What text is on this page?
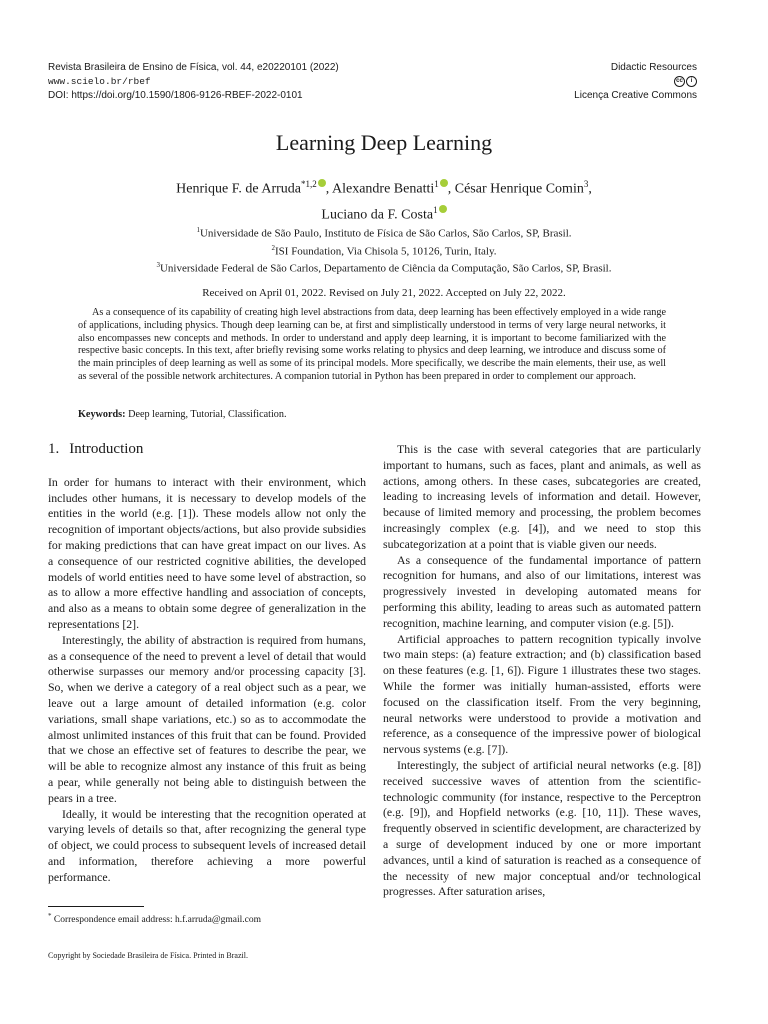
Revista Brasileira de Ensino de Física, vol. 44, e20220101 (2022)
www.scielo.br/rbef
DOI: https://doi.org/10.1590/1806-9126-RBEF-2022-0101
Didactic Resources
cc i
Licença Creative Commons
Learning Deep Learning
Henrique F. de Arruda$^{*1,2}$ , Alexandre Benatti$^1$ , César Henrique Comin$^3$,
Luciano da F. Costa$^1$
$^1$Universidade de São Paulo, Instituto de Física de São Carlos, São Carlos, SP, Brasil.
$^2$ISI Foundation, Via Chisola 5, 10126, Turin, Italy.
$^3$Universidade Federal de São Carlos, Departamento de Ciência da Computação, São Carlos, SP, Brasil.
Received on April 01, 2022. Revised on July 21, 2022. Accepted on July 22, 2022.

As a consequence of its capability of creating high level abstractions from data, deep learning has been effectively employed in a wide range of applications, including physics. Though deep learning can be, at first and simplistically understood in terms of very large neural networks, it also encompasses new concepts and methods. In order to understand and apply deep learning, it is important to become familiarized with the respective basic concepts. In this text, after briefly revising some works relating to physics and deep learning, we introduce and discuss some of the main principles of deep learning as well as some of its principal models. More specifically, we describe the main elements, their use, as well as several of the possible network architectures. A companion tutorial in Python has been prepared in order to complement our approach.

Keywords: Deep learning, Tutorial, Classification.
1. Introduction

In order for humans to interact with their environment, which includes other humans, it is necessary to develop models of the entities in the world (e.g. [1]). These models allow not only the recognition of important objects/actions, but also provide subsidies for making predictions that can have great impact on our lives. As a consequence of our restricted cognitive abilities, the developed models of world entities need to have some level of abstraction, so as to allow a more effective handling and association of concepts, and also as a means to obtain some degree of generalization in the representations [2].

Interestingly, the ability of abstraction is required from humans, as a consequence of the need to prevent a level of detail that would otherwise surpasses our memory and/or processing capacity [3]. So, when we derive a category of a real object such as a pear, we leave out a large amount of detailed information (e.g. color variations, small shape variations, etc.) so as to accommodate the almost unlimited instances of this fruit that can be found. Provided that we chose an effective set of features to describe the pear, we will be able to recognize almost any instance of this fruit as being a pear, while generally not being able to distinguish between the pears in a tree.

Ideally, it would be interesting that the recognition operated at varying levels of details so that, after recognizing the general type of object, we could process to subsequent levels of increased detail and information, therefore achieving a more powerful performance.

This is the case with several categories that are particularly important to humans, such as faces, plant and animals, as well as actions, among others. In these cases, subcategories are created, leading to increasing levels of information and detail. However, because of limited memory and processing, the problem becomes increasingly complex (e.g. [4]), and we need to stop this subcategorization at a point that is viable given our needs.

As a consequence of the fundamental importance of pattern recognition for humans, and also of our limitations, interest was progressively invested in developing automated means for performing this ability, leading to areas such as automated pattern recognition, machine learning, and computer vision (e.g. [5]).

Artificial approaches to pattern recognition typically involve two main steps: (a) feature extraction; and (b) classification based on these features (e.g. [1, 6]). Figure 1 illustrates these two stages. While the former was initially human-assisted, efforts were focused on the classification itself. From the very beginning, neural networks were understood to provide a motivation and reference, as a consequence of the impressive power of biological nervous systems (e.g. [7]).

Interestingly, the subject of artificial neural networks (e.g. [8]) received successive waves of attention from the scientific-technologic community (for instance, respective to the Perceptron (e.g. [9]), and Hopfield networks (e.g. [10, 11]). These waves, frequently observed in scientific development, are characterized by a surge of development induced by one or more important advances, until a kind of saturation is reached as a consequence of the necessity of new major conceptual and/or technological progresses. After saturation arises,

* Correspondence email address: h.f.arruda@gmail.com
Copyright by Sociedade Brasileira de Física. Printed in Brazil.
